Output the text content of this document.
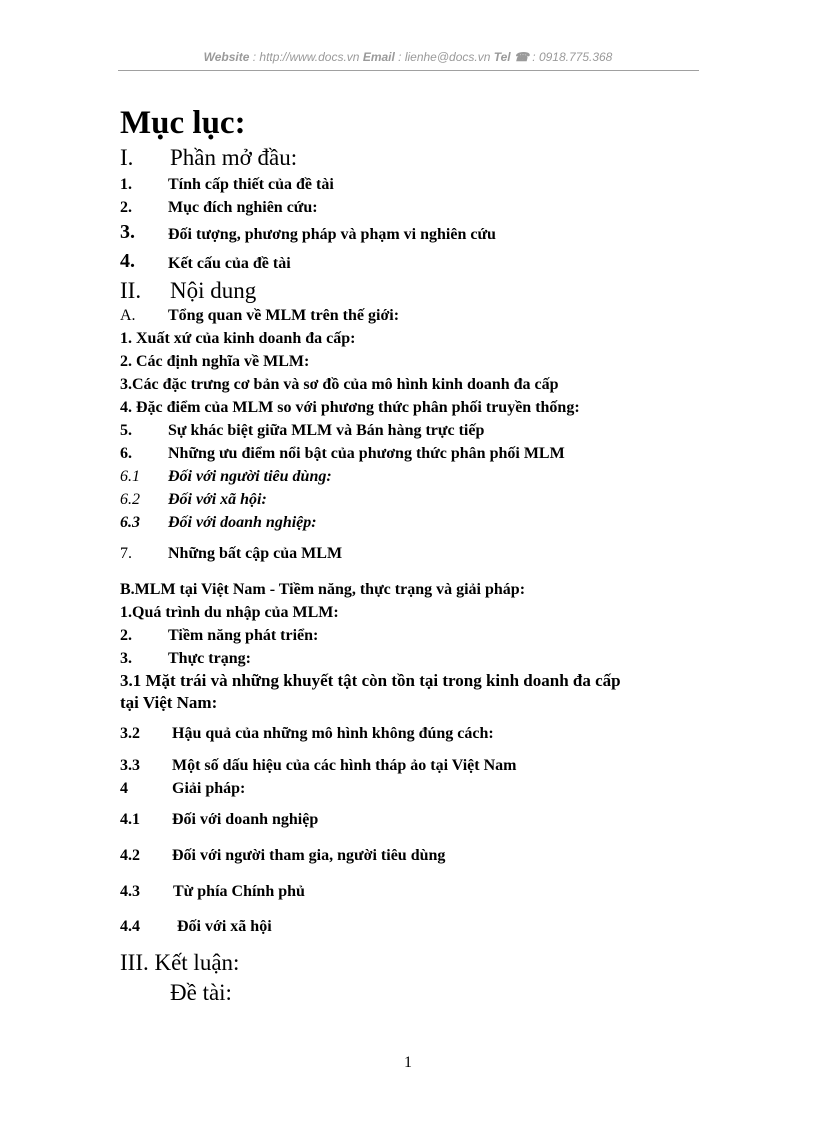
Website : http://www.docs.vn Email : lienhe@docs.vn Tel ☎ : 0918.775.368
Mục lục:
I. Phần mở đầu:
1. Tính cấp thiết của đề tài
2. Mục đích nghiên cứu:
3. Đối tượng, phương pháp và phạm vi nghiên cứu
4. Kết cấu của đề tài
II. Nội dung
A. Tổng quan về MLM trên thế giới:
1. Xuất xứ của kinh doanh đa cấp:
2. Các định nghĩa về MLM:
3.Các đặc trưng cơ bản và sơ đồ của mô hình kinh doanh đa cấp
4. Đặc điểm của MLM so với phương thức phân phối truyền thống:
5. Sự khác biệt giữa MLM và Bán hàng trực tiếp
6. Những ưu điểm nổi bật của phương thức phân phối MLM
6.1 Đối với người tiêu dùng:
6.2 Đối với xã hội:
6.3 Đối với doanh nghiệp:
7. Những bất cập của MLM
B.MLM tại Việt Nam - Tiềm năng, thực trạng và giải pháp:
1.Quá trình du nhập của MLM:
2. Tiềm năng phát triển:
3. Thực trạng:
3.1 Mặt trái và những khuyết tật còn tồn tại trong kinh doanh đa cấp
tại Việt Nam:
3.2 Hậu quả của những mô hình không đúng cách:
3.3 Một số dấu hiệu của các hình tháp ảo tại Việt Nam
4	Giải pháp:
4.1 Đối với doanh nghiệp
4.2 Đối với người tham gia, người tiêu dùng
4.3 Từ phía Chính phủ
4.4 Đối với xã hội
III. Kết luận:
Đề tài:
1
